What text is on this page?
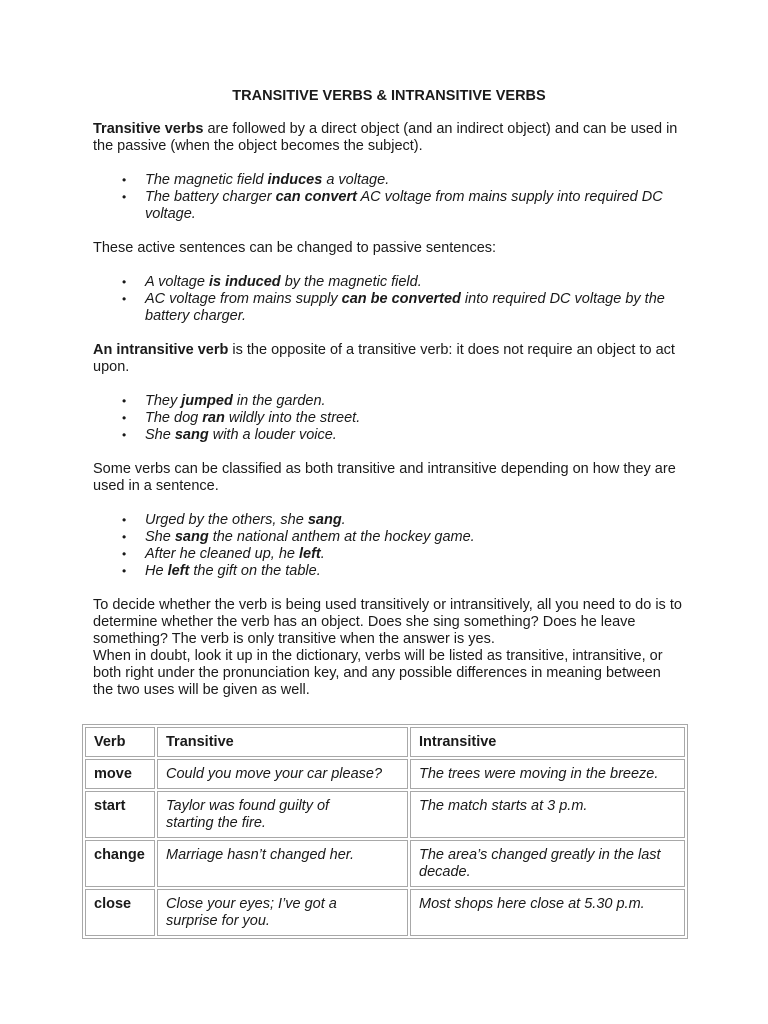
TRANSITIVE VERBS & INTRANSITIVE VERBS

Transitive verbs are followed by a direct object (and an indirect object) and can be used in the passive (when the object becomes the subject).

• The magnetic field induces a voltage.
• The battery charger can convert AC voltage from mains supply into required DC voltage.

These active sentences can be changed to passive sentences:

• A voltage is induced by the magnetic field.
• AC voltage from mains supply can be converted into required DC voltage by the battery charger.

An intransitive verb is the opposite of a transitive verb: it does not require an object to act upon.

• They jumped in the garden.
• The dog ran wildly into the street.
• She sang with a louder voice.

Some verbs can be classified as both transitive and intransitive depending on how they are used in a sentence.

• Urged by the others, she sang.
• She sang the national anthem at the hockey game.
• After he cleaned up, he left.
• He left the gift on the table.

To decide whether the verb is being used transitively or intransitively, all you need to do is to determine whether the verb has an object. Does she sing something? Does he leave something? The verb is only transitive when the answer is yes.

When in doubt, look it up in the dictionary, verbs will be listed as transitive, intransitive, or both right under the pronunciation key, and any possible differences in meaning between the two uses will be given as well.

Verb	Transitive	Intransitive
move	Could you move your car please?	The trees were moving in the breeze.
start	Taylor was found guilty of starting the fire.	The match starts at 3 p.m.
change	Marriage hasn’t changed her.	The area’s changed greatly in the last decade.
close	Close your eyes; I’ve got a surprise for you.	Most shops here close at 5.30 p.m.
